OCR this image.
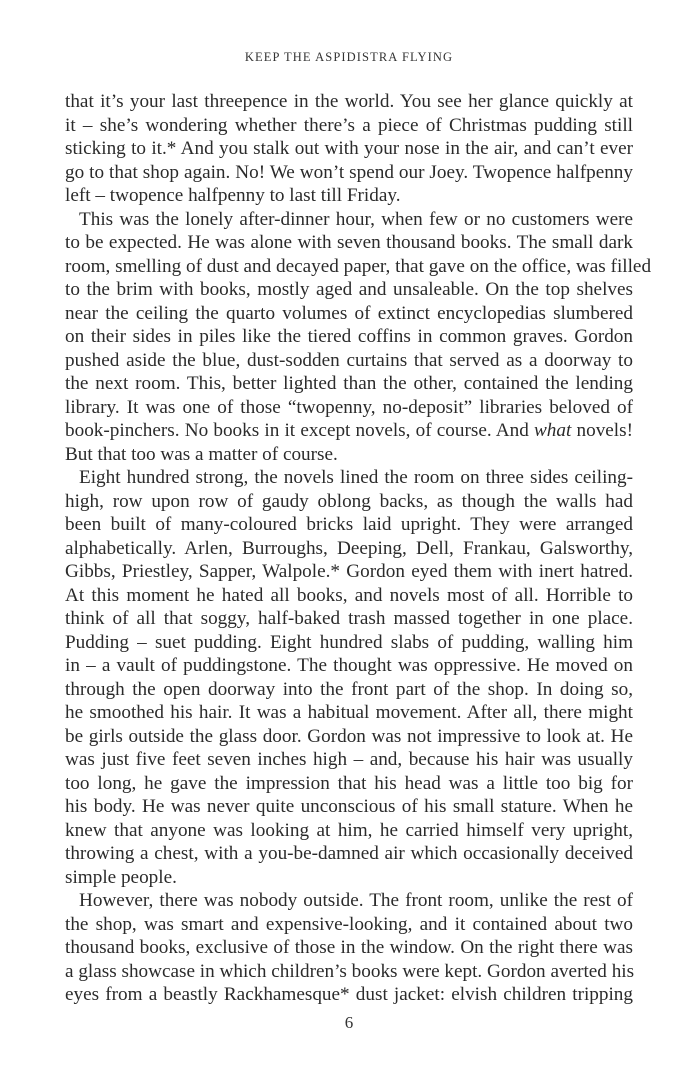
KEEP THE ASPIDISTRA FLYING
that it’s your last threepence in the world. You see her glance quickly at
it – she’s wondering whether there’s a piece of Christmas pudding still
sticking to it.* And you stalk out with your nose in the air, and can’t ever
go to that shop again. No! We won’t spend our Joey. Twopence halfpenny
left – twopence halfpenny to last till Friday.
This was the lonely after-dinner hour, when few or no customers were
to be expected. He was alone with seven thousand books. The small dark
room, smelling of dust and decayed paper, that gave on the office, was filled
to the brim with books, mostly aged and unsaleable. On the top shelves
near the ceiling the quarto volumes of extinct encyclopedias slumbered
on their sides in piles like the tiered coffins in common graves. Gordon
pushed aside the blue, dust-sodden curtains that served as a doorway to
the next room. This, better lighted than the other, contained the lending
library. It was one of those “twopenny, no-deposit” libraries beloved of
book-pinchers. No books in it except novels, of course. And what novels!
But that too was a matter of course.
Eight hundred strong, the novels lined the room on three sides ceiling-
high, row upon row of gaudy oblong backs, as though the walls had
been built of many-coloured bricks laid upright. They were arranged
alphabetically. Arlen, Burroughs, Deeping, Dell, Frankau, Galsworthy,
Gibbs, Priestley, Sapper, Walpole.* Gordon eyed them with inert hatred.
At this moment he hated all books, and novels most of all. Horrible to
think of all that soggy, half-baked trash massed together in one place.
Pudding – suet pudding. Eight hundred slabs of pudding, walling him
in – a vault of puddingstone. The thought was oppressive. He moved on
through the open doorway into the front part of the shop. In doing so,
he smoothed his hair. It was a habitual movement. After all, there might
be girls outside the glass door. Gordon was not impressive to look at. He
was just five feet seven inches high – and, because his hair was usually
too long, he gave the impression that his head was a little too big for
his body. He was never quite unconscious of his small stature. When he
knew that anyone was looking at him, he carried himself very upright,
throwing a chest, with a you-be-damned air which occasionally deceived
simple people.
However, there was nobody outside. The front room, unlike the rest of
the shop, was smart and expensive-looking, and it contained about two
thousand books, exclusive of those in the window. On the right there was
a glass showcase in which children’s books were kept. Gordon averted his
eyes from a beastly Rackhamesque* dust jacket: elvish children tripping
6
